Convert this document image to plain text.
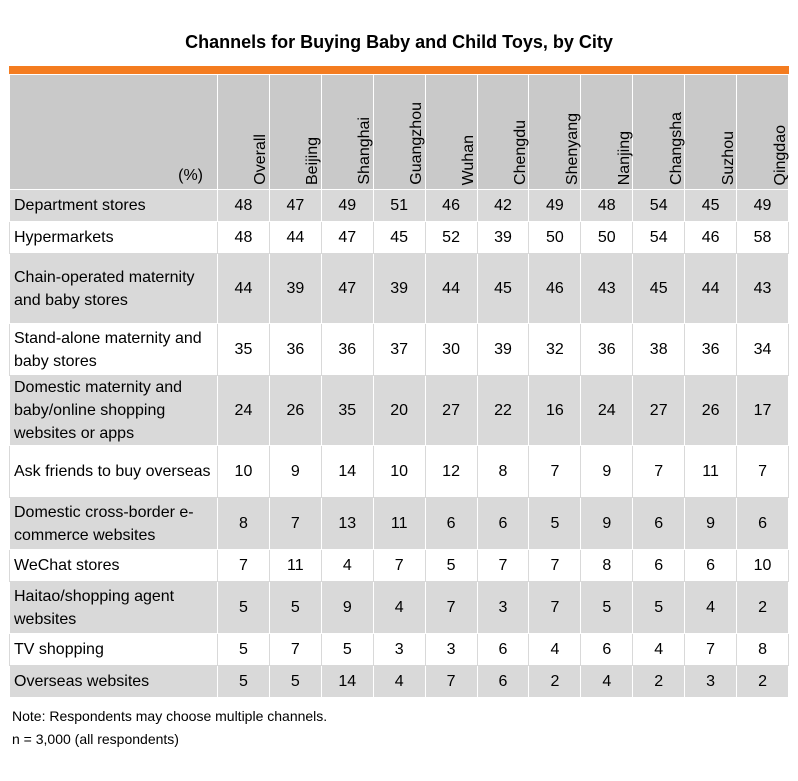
Channels for Buying Baby and Child Toys, by City
(%)	Overall	Beijing	Shanghai	Guangzhou	Wuhan	Chengdu	Shenyang	Nanjing	Changsha	Suzhou	Qingdao

Department stores	48	47	49	51	46	42	49	48	54	45	49
Hypermarkets	48	44	47	45	52	39	50	50	54	46	58
Chain-operated maternity and baby stores	44	39	47	39	44	45	46	43	45	44	43
Stand-alone maternity and baby stores	35	36	36	37	30	39	32	36	38	36	34
Domestic maternity and baby/online shopping websites or apps	24	26	35	20	27	22	16	24	27	26	17
Ask friends to buy overseas	10	9	14	10	12	8	7	9	7	11	7
Domestic cross-border e-commerce websites	8	7	13	11	6	6	5	9	6	9	6
WeChat stores	7	11	4	7	5	7	7	8	6	6	10
Haitao/shopping agent websites	5	5	9	4	7	3	7	5	5	4	2
TV shopping	5	7	5	3	3	6	4	6	4	7	8
Overseas websites	5	5	14	4	7	6	2	4	2	3	2
Note: Respondents may choose multiple channels.
n = 3,000 (all respondents)
